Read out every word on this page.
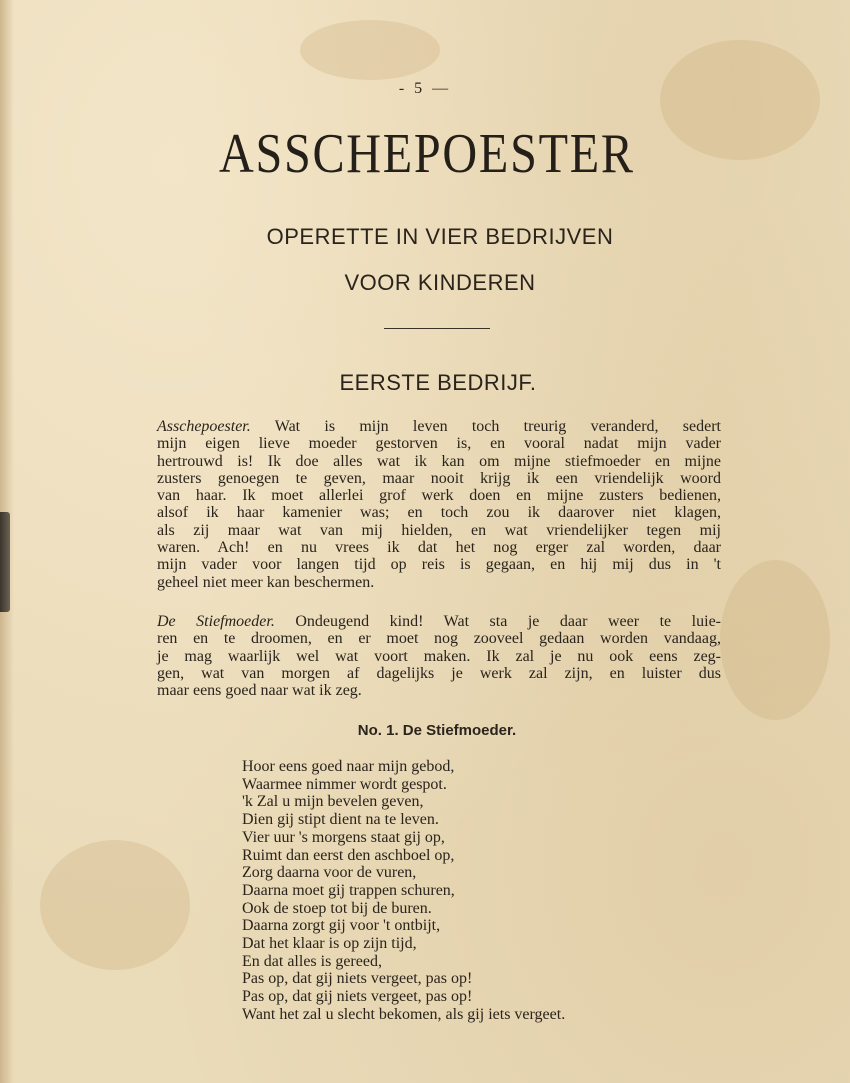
- 5 —
ASSCHEPOESTER
OPERETTE IN VIER BEDRIJVEN
VOOR KINDEREN
EERSTE BEDRIJF.
Asschepoester. Wat is mijn leven toch treurig veranderd, sedert
mijn eigen lieve moeder gestorven is, en vooral nadat mijn vader
hertrouwd is! Ik doe alles wat ik kan om mijne stiefmoeder en mijne
zusters genoegen te geven, maar nooit krijg ik een vriendelijk woord
van haar. Ik moet allerlei grof werk doen en mijne zusters bedienen,
alsof ik haar kamenier was; en toch zou ik daarover niet klagen,
als zij maar wat van mij hielden, en wat vriendelijker tegen mij
waren. Ach! en nu vrees ik dat het nog erger zal worden, daar
mijn vader voor langen tijd op reis is gegaan, en hij mij dus in 't
geheel niet meer kan beschermen.
De Stiefmoeder. Ondeugend kind! Wat sta je daar weer te luie-
ren en te droomen, en er moet nog zooveel gedaan worden vandaag,
je mag waarlijk wel wat voort maken. Ik zal je nu ook eens zeg-
gen, wat van morgen af dagelijks je werk zal zijn, en luister dus
maar eens goed naar wat ik zeg.
No. 1. De Stiefmoeder.
Hoor eens goed naar mijn gebod,
Waarmee nimmer wordt gespot.
'k Zal u mijn bevelen geven,
Dien gij stipt dient na te leven.
Vier uur 's morgens staat gij op,
Ruimt dan eerst den aschboel op,
Zorg daarna voor de vuren,
Daarna moet gij trappen schuren,
Ook de stoep tot bij de buren.
Daarna zorgt gij voor 't ontbijt,
Dat het klaar is op zijn tijd,
En dat alles is gereed,
Pas op, dat gij niets vergeet, pas op!
Pas op, dat gij niets vergeet, pas op!
Want het zal u slecht bekomen, als gij iets vergeet.
